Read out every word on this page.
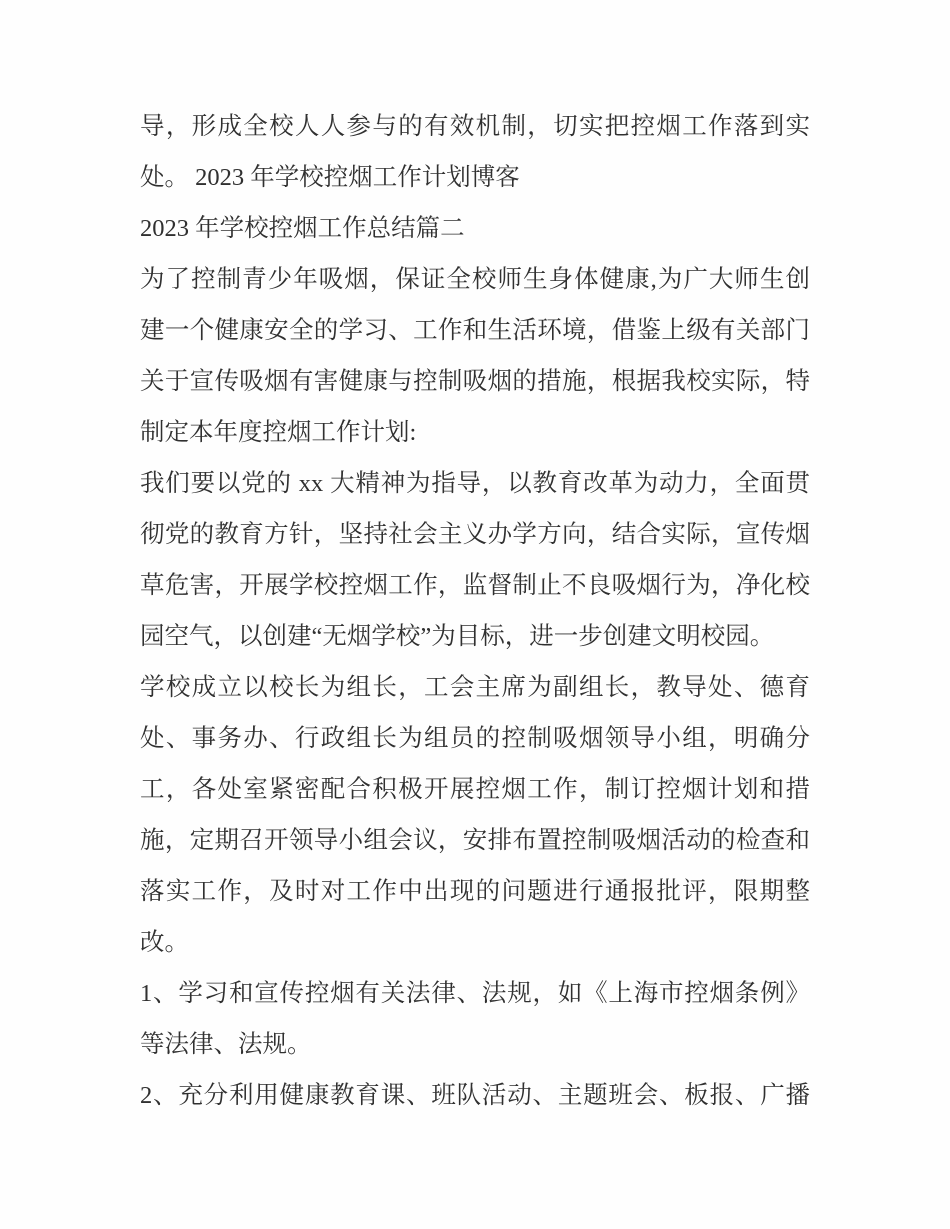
导，形成全校人人参与的有效机制，切实把控烟工作落到实
处。 2023 年学校控烟工作计划博客
2023 年学校控烟工作总结篇二
为了控制青少年吸烟，保证全校师生身体健康,为广大师生创
建一个健康安全的学习、工作和生活环境，借鉴上级有关部门
关于宣传吸烟有害健康与控制吸烟的措施，根据我校实际，特
制定本年度控烟工作计划:
我们要以党的 xx 大精神为指导，以教育改革为动力，全面贯
彻党的教育方针，坚持社会主义办学方向，结合实际，宣传烟
草危害，开展学校控烟工作，监督制止不良吸烟行为，净化校
园空气，以创建“无烟学校”为目标，进一步创建文明校园。
学校成立以校长为组长，工会主席为副组长，教导处、德育
处、事务办、行政组长为组员的控制吸烟领导小组，明确分
工，各处室紧密配合积极开展控烟工作，制订控烟计划和措
施，定期召开领导小组会议，安排布置控制吸烟活动的检查和
落实工作，及时对工作中出现的问题进行通报批评，限期整
改。
1、学习和宣传控烟有关法律、法规，如《上海市控烟条例》
等法律、法规。
2、充分利用健康教育课、班队活动、主题班会、板报、广播
